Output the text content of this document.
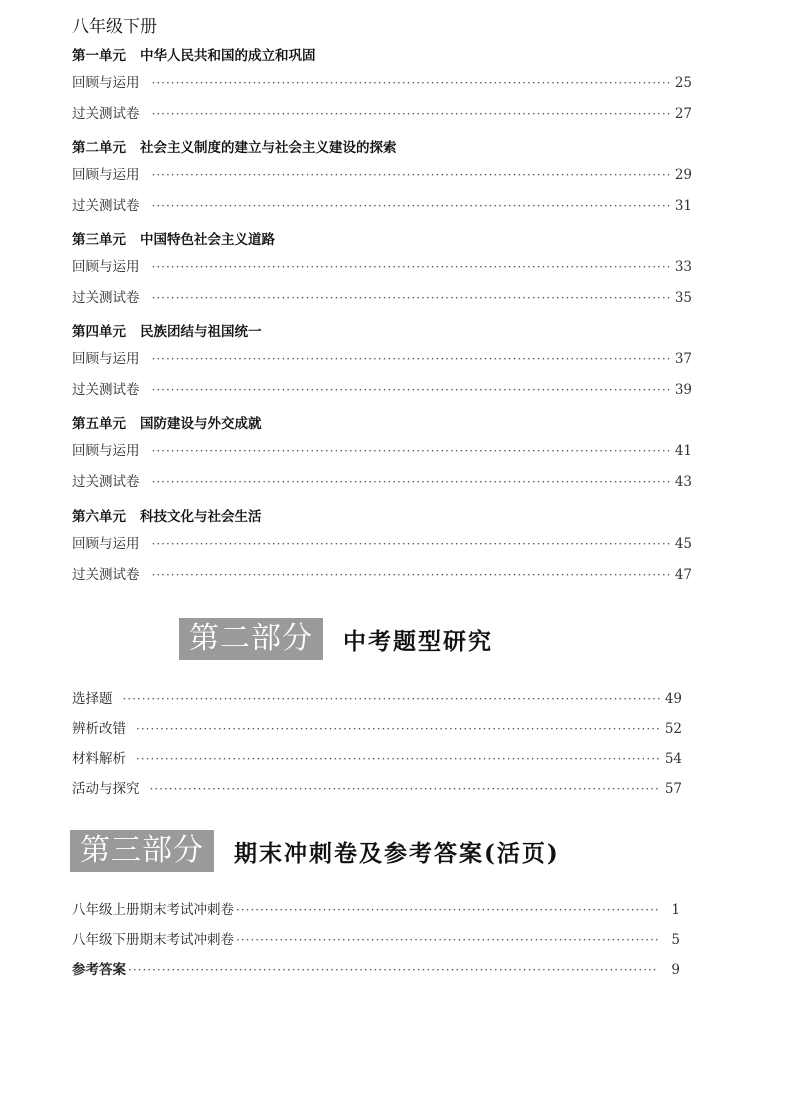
八年级下册
第一单元 中华人民共和国的成立和巩固
回顾与运用 ·····	25
过关测试卷 ·····	27
第二单元 社会主义制度的建立与社会主义建设的探索
回顾与运用 ·····	29
过关测试卷 ·····	31
第三单元 中国特色社会主义道路
回顾与运用 ·····	33
过关测试卷 ·····	35
第四单元 民族团结与祖国统一
回顾与运用 ·····	37
过关测试卷 ·····	39
第五单元 国防建设与外交成就
回顾与运用 ·····	41
过关测试卷 ·····	43
第六单元 科技文化与社会生活
回顾与运用 ·····	45
过关测试卷 ·····	47
第二部分	中考题型研究
选择题 ·····	49
辨析改错 ·····	52
材料解析 ·····	54
活动与探究 ·····	57
第三部分	期末冲刺卷及参考答案(活页)
八年级上册期末考试冲刺卷 ·····	1
八年级下册期末考试冲刺卷 ·····	5
参考答案 ·····	9
